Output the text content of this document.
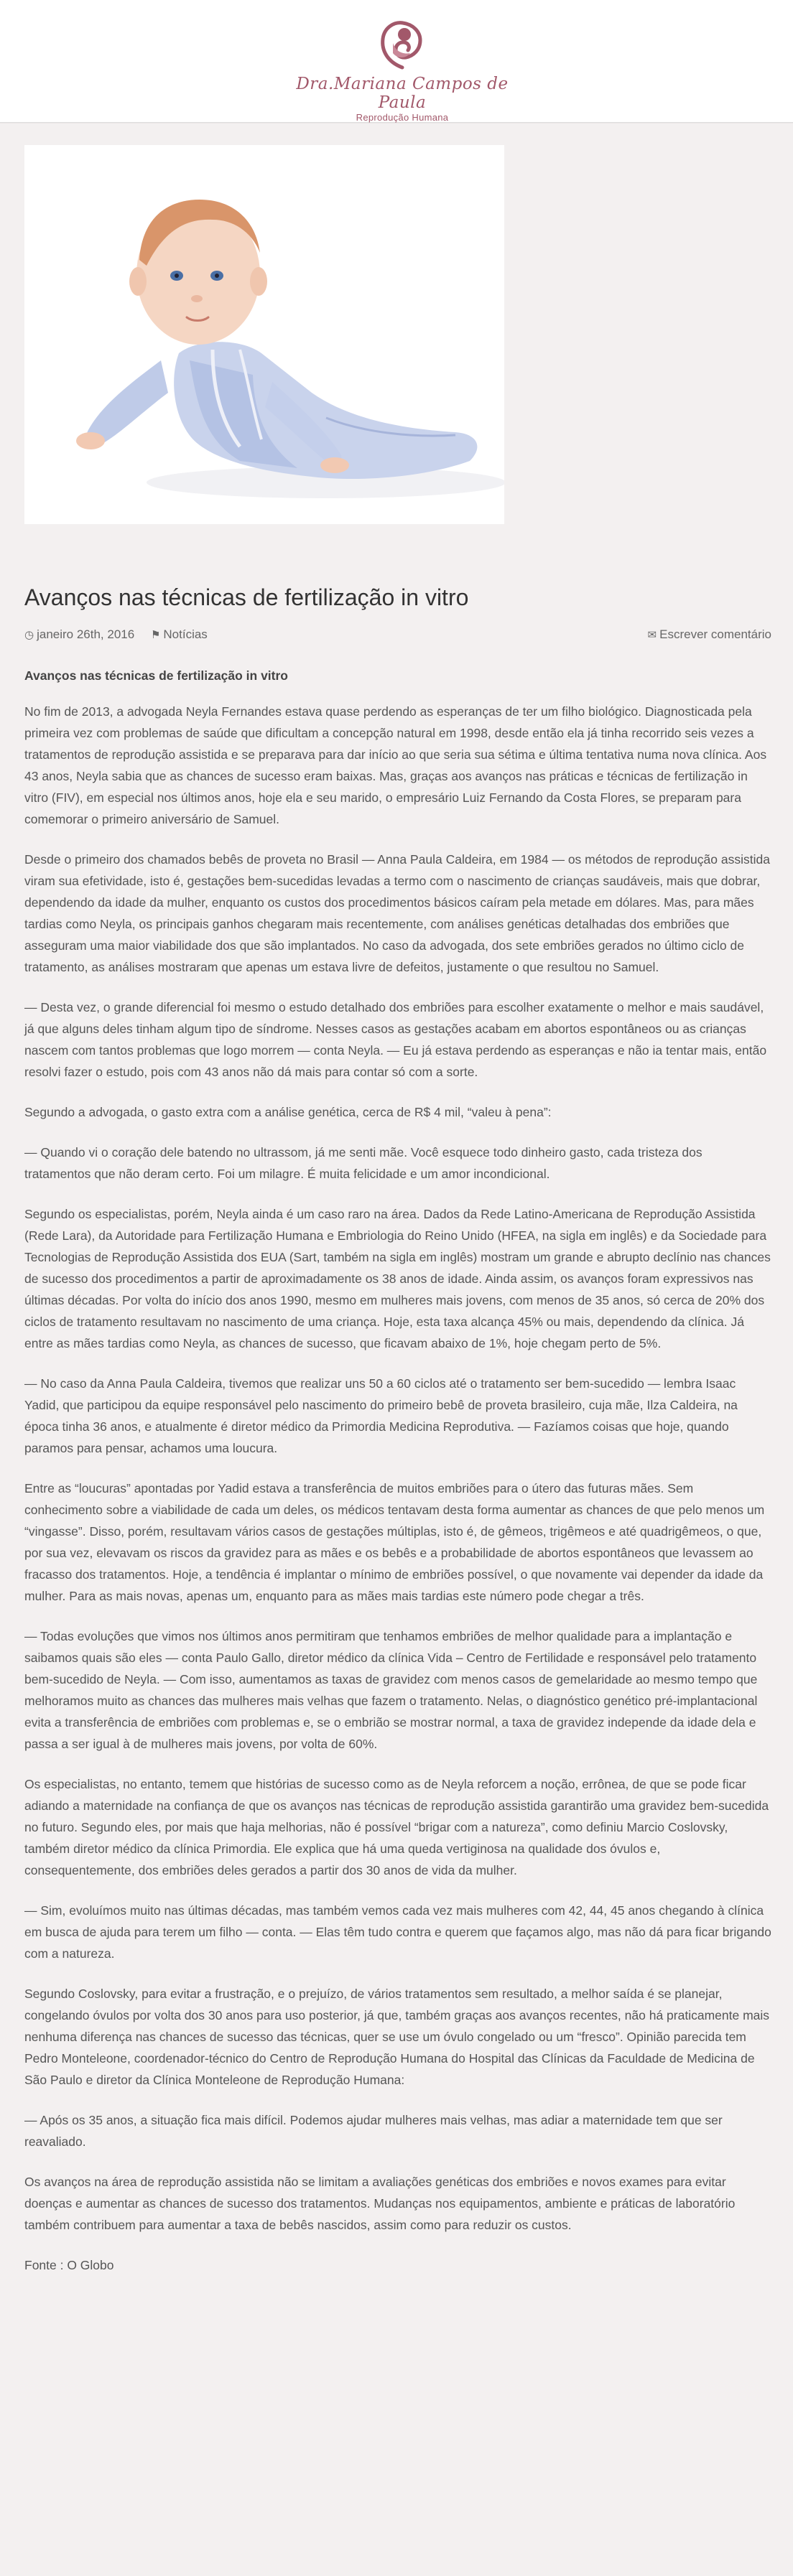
Dra.Mariana Campos de Paula
Reprodução Humana
Avanços nas técnicas de fertilização in vitro
◷ janeiro 26th, 2016 ⚑ Notícias	✉ Escrever comentário

Avanços nas técnicas de fertilização in vitro

No fim de 2013, a advogada Neyla Fernandes estava quase perdendo as esperanças de ter um filho biológico. Diagnosticada pela primeira vez com problemas de saúde que dificultam a concepção natural em 1998, desde então ela já tinha recorrido seis vezes a tratamentos de reprodução assistida e se preparava para dar início ao que seria sua sétima e última tentativa numa nova clínica. Aos 43 anos, Neyla sabia que as chances de sucesso eram baixas. Mas, graças aos avanços nas práticas e técnicas de fertilização in vitro (FIV), em especial nos últimos anos, hoje ela e seu marido, o empresário Luiz Fernando da Costa Flores, se preparam para comemorar o primeiro aniversário de Samuel.

Desde o primeiro dos chamados bebês de proveta no Brasil — Anna Paula Caldeira, em 1984 — os métodos de reprodução assistida viram sua efetividade, isto é, gestações bem-sucedidas levadas a termo com o nascimento de crianças saudáveis, mais que dobrar, dependendo da idade da mulher, enquanto os custos dos procedimentos básicos caíram pela metade em dólares. Mas, para mães tardias como Neyla, os principais ganhos chegaram mais recentemente, com análises genéticas detalhadas dos embriões que asseguram uma maior viabilidade dos que são implantados. No caso da advogada, dos sete embriões gerados no último ciclo de tratamento, as análises mostraram que apenas um estava livre de defeitos, justamente o que resultou no Samuel.

— Desta vez, o grande diferencial foi mesmo o estudo detalhado dos embriões para escolher exatamente o melhor e mais saudável, já que alguns deles tinham algum tipo de síndrome. Nesses casos as gestações acabam em abortos espontâneos ou as crianças nascem com tantos problemas que logo morrem — conta Neyla. — Eu já estava perdendo as esperanças e não ia tentar mais, então resolvi fazer o estudo, pois com 43 anos não dá mais para contar só com a sorte.

Segundo a advogada, o gasto extra com a análise genética, cerca de R$ 4 mil, “valeu à pena”:

— Quando vi o coração dele batendo no ultrassom, já me senti mãe. Você esquece todo dinheiro gasto, cada tristeza dos tratamentos que não deram certo. Foi um milagre. É muita felicidade e um amor incondicional.

Segundo os especialistas, porém, Neyla ainda é um caso raro na área. Dados da Rede Latino-Americana de Reprodução Assistida (Rede Lara), da Autoridade para Fertilização Humana e Embriologia do Reino Unido (HFEA, na sigla em inglês) e da Sociedade para Tecnologias de Reprodução Assistida dos EUA (Sart, também na sigla em inglês) mostram um grande e abrupto declínio nas chances de sucesso dos procedimentos a partir de aproximadamente os 38 anos de idade. Ainda assim, os avanços foram expressivos nas últimas décadas. Por volta do início dos anos 1990, mesmo em mulheres mais jovens, com menos de 35 anos, só cerca de 20% dos ciclos de tratamento resultavam no nascimento de uma criança. Hoje, esta taxa alcança 45% ou mais, dependendo da clínica. Já entre as mães tardias como Neyla, as chances de sucesso, que ficavam abaixo de 1%, hoje chegam perto de 5%.

— No caso da Anna Paula Caldeira, tivemos que realizar uns 50 a 60 ciclos até o tratamento ser bem-sucedido — lembra Isaac Yadid, que participou da equipe responsável pelo nascimento do primeiro bebê de proveta brasileiro, cuja mãe, Ilza Caldeira, na época tinha 36 anos, e atualmente é diretor médico da Primordia Medicina Reprodutiva. — Fazíamos coisas que hoje, quando paramos para pensar, achamos uma loucura.

Entre as “loucuras” apontadas por Yadid estava a transferência de muitos embriões para o útero das futuras mães. Sem conhecimento sobre a viabilidade de cada um deles, os médicos tentavam desta forma aumentar as chances de que pelo menos um “vingasse”. Disso, porém, resultavam vários casos de gestações múltiplas, isto é, de gêmeos, trigêmeos e até quadrigêmeos, o que, por sua vez, elevavam os riscos da gravidez para as mães e os bebês e a probabilidade de abortos espontâneos que levassem ao fracasso dos tratamentos. Hoje, a tendência é implantar o mínimo de embriões possível, o que novamente vai depender da idade da mulher. Para as mais novas, apenas um, enquanto para as mães mais tardias este número pode chegar a três.

— Todas evoluções que vimos nos últimos anos permitiram que tenhamos embriões de melhor qualidade para a implantação e saibamos quais são eles — conta Paulo Gallo, diretor médico da clínica Vida – Centro de Fertilidade e responsável pelo tratamento bem-sucedido de Neyla. — Com isso, aumentamos as taxas de gravidez com menos casos de gemelaridade ao mesmo tempo que melhoramos muito as chances das mulheres mais velhas que fazem o tratamento. Nelas, o diagnóstico genético pré-implantacional evita a transferência de embriões com problemas e, se o embrião se mostrar normal, a taxa de gravidez independe da idade dela e passa a ser igual à de mulheres mais jovens, por volta de 60%.

Os especialistas, no entanto, temem que histórias de sucesso como as de Neyla reforcem a noção, errônea, de que se pode ficar adiando a maternidade na confiança de que os avanços nas técnicas de reprodução assistida garantirão uma gravidez bem-sucedida no futuro. Segundo eles, por mais que haja melhorias, não é possível “brigar com a natureza”, como definiu Marcio Coslovsky, também diretor médico da clínica Primordia. Ele explica que há uma queda vertiginosa na qualidade dos óvulos e, consequentemente, dos embriões deles gerados a partir dos 30 anos de vida da mulher.

— Sim, evoluímos muito nas últimas décadas, mas também vemos cada vez mais mulheres com 42, 44, 45 anos chegando à clínica em busca de ajuda para terem um filho — conta. — Elas têm tudo contra e querem que façamos algo, mas não dá para ficar brigando com a natureza.

Segundo Coslovsky, para evitar a frustração, e o prejuízo, de vários tratamentos sem resultado, a melhor saída é se planejar, congelando óvulos por volta dos 30 anos para uso posterior, já que, também graças aos avanços recentes, não há praticamente mais nenhuma diferença nas chances de sucesso das técnicas, quer se use um óvulo congelado ou um “fresco”. Opinião parecida tem Pedro Monteleone, coordenador-técnico do Centro de Reprodução Humana do Hospital das Clínicas da Faculdade de Medicina de São Paulo e diretor da Clínica Monteleone de Reprodução Humana:

— Após os 35 anos, a situação fica mais difícil. Podemos ajudar mulheres mais velhas, mas adiar a maternidade tem que ser reavaliado.

Os avanços na área de reprodução assistida não se limitam a avaliações genéticas dos embriões e novos exames para evitar doenças e aumentar as chances de sucesso dos tratamentos. Mudanças nos equipamentos, ambiente e práticas de laboratório também contribuem para aumentar a taxa de bebês nascidos, assim como para reduzir os custos.

Fonte : O Globo
